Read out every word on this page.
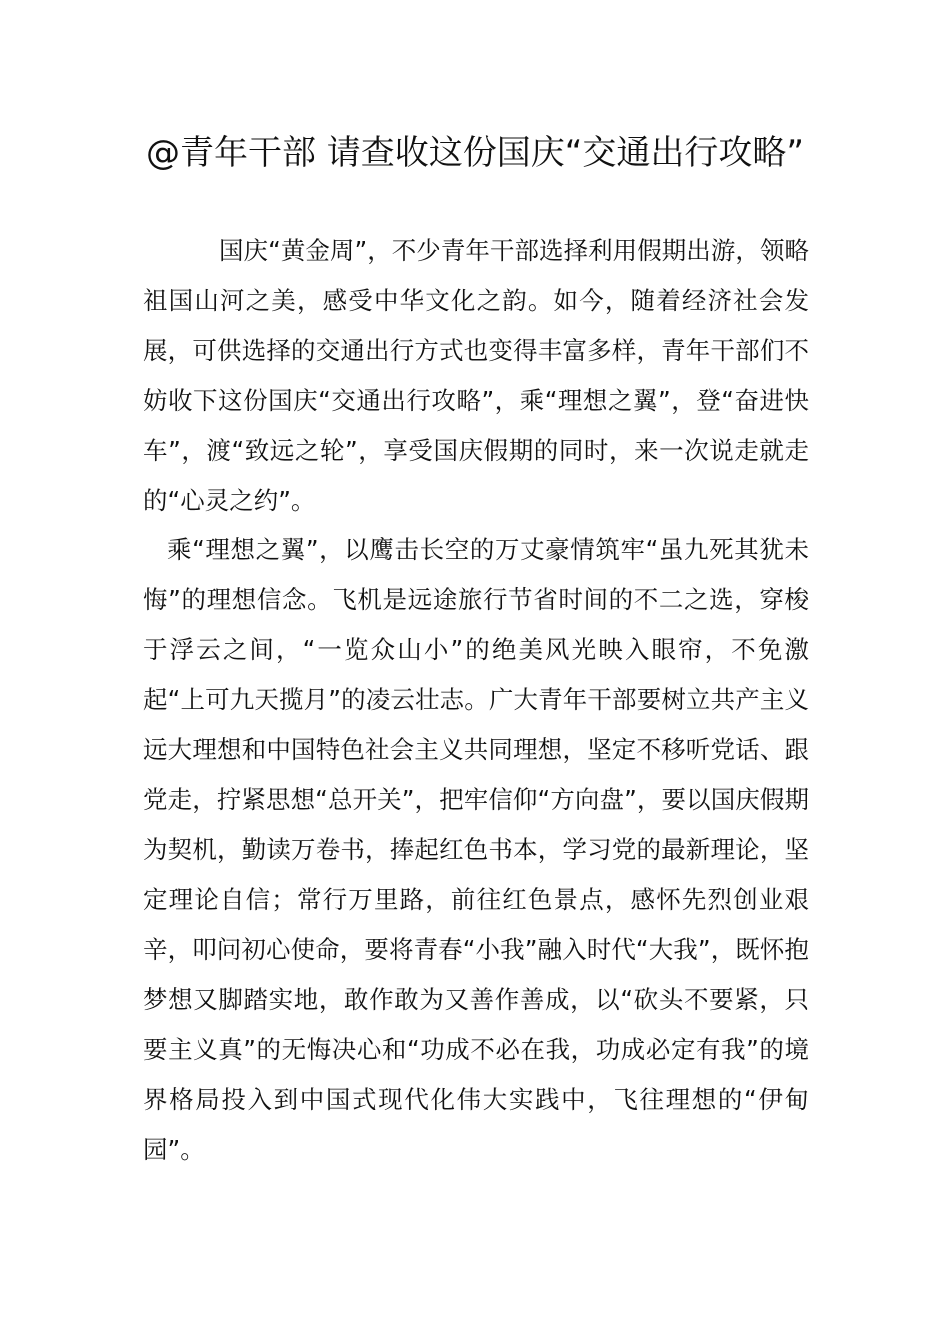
@青年干部 请查收这份国庆“交通出行攻略”

国庆“黄金周”，不少青年干部选择利用假期出游，领略祖国山河之美，感受中华文化之韵。如今，随着经济社会发展，可供选择的交通出行方式也变得丰富多样，青年干部们不妨收下这份国庆“交通出行攻略”，乘“理想之翼”，登“奋进快车”，渡“致远之轮”，享受国庆假期的同时，来一次说走就走的“心灵之约”。

乘“理想之翼”，以鹰击长空的万丈豪情筑牢“虽九死其犹未悔”的理想信念。飞机是远途旅行节省时间的不二之选，穿梭于浮云之间，“一览众山小”的绝美风光映入眼帘，不免激起“上可九天揽月”的凌云壮志。广大青年干部要树立共产主义远大理想和中国特色社会主义共同理想，坚定不移听党话、跟党走，拧紧思想“总开关”，把牢信仰“方向盘”，要以国庆假期为契机，勤读万卷书，捧起红色书本，学习党的最新理论，坚定理论自信；常行万里路，前往红色景点，感怀先烈创业艰辛，叩问初心使命，要将青春“小我”融入时代“大我”，既怀抱梦想又脚踏实地，敢作敢为又善作善成，以“砍头不要紧，只要主义真”的无悔决心和“功成不必在我，功成必定有我”的境界格局投入到中国式现代化伟大实践中，飞往理想的“伊甸园”。
